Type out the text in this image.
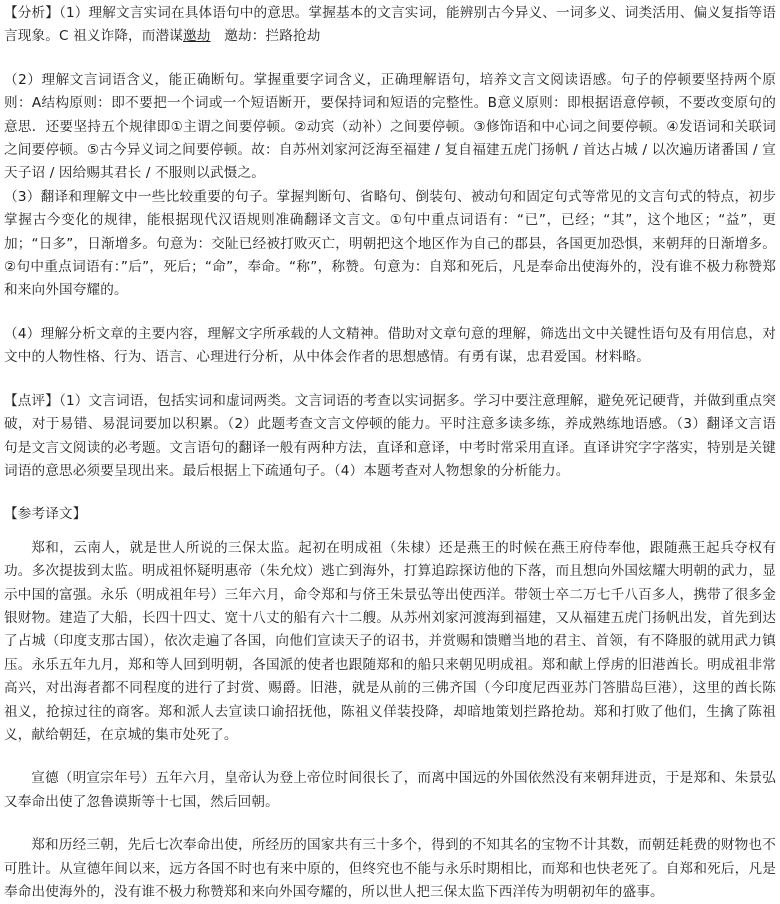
【分析】（1）理解文言实词在具体语句中的意思。掌握基本的文言实词，能辨别古今异义、一词多义、词类活用、偏义复指等语言现象。C 祖义诈降，而潜谋邀劫　邀劫：拦路抢劫

（2）理解文言词语含义，能正确断句。掌握重要字词含义，正确理解语句，培养文言文阅读语感。句子的停顿要坚持两个原则：A结构原则：即不要把一个词或一个短语断开，要保持词和短语的完整性。B意义原则：即根据语意停顿，不要改变原句的意思．还要坚持五个规律即①主谓之间要停顿。②动宾（动补）之间要停顿。③修饰语和中心词之间要停顿。④发语词和关联词之间要停顿。⑤古今异义词之间要停顿。故：自苏州刘家河泛海至福建 / 复自福建五虎门扬帆 / 首达占城 / 以次遍历诸番国 / 宣天子诏 / 因给赐其君长 / 不服则以武慑之。

（3）翻译和理解文中一些比较重要的句子。掌握判断句、省略句、倒装句、被动句和固定句式等常见的文言句式的特点，初步掌握古今变化的规律，能根据现代汉语规则准确翻译文言文。①句中重点词语有：“已”，已经；“其”，这个地区；“益”，更加；“日多”，日渐增多。句意为：交阯已经被打败灭亡，明朝把这个地区作为自己的郡县，各国更加恐惧，来朝拜的日渐增多。②句中重点词语有：”后”，死后；“命”，奉命。“称”，称赞。句意为：自郑和死后，凡是奉命出使海外的，没有谁不极力称赞郑和来向外国夸耀的。

（4）理解分析文章的主要内容，理解文字所承载的人文精神。借助对文章句意的理解，筛选出文中关键性语句及有用信息，对文中的人物性格、行为、语言、心理进行分析，从中体会作者的思想感情。有勇有谋，忠君爱国。材料略。

【点评】（1）文言词语，包括实词和虚词两类。文言词语的考查以实词据多。学习中要注意理解，避免死记硬背，并做到重点突破，对于易错、易混词要加以积累。（2）此题考查文言文停顿的能力。平时注意多读多练，养成熟练地语感。（3）翻译文言语句是文言文阅读的必考题。文言语句的翻译一般有两种方法，直译和意译，中考时常采用直译。直译讲究字字落实，特别是关键词语的意思必须要呈现出来。最后根据上下疏通句子。（4）本题考查对人物想象的分析能力。

【参考译文】

郑和，云南人，就是世人所说的三保太监。起初在明成祖（朱棣）还是燕王的时候在燕王府侍奉他，跟随燕王起兵夺权有功。多次提拔到太监。明成祖怀疑明惠帝（朱允炆）逃亡到海外，打算追踪探访他的下落，而且想向外国炫耀大明朝的武力，显示中国的富强。永乐（明成祖年号）三年六月，命令郑和与侪王朱景弘等出使西洋。带领士卒二万七千八百多人，携带了很多金银财物。建造了大船，长四十四丈、宽十八丈的船有六十二艘。从苏州刘家河渡海到福建，又从福建五虎门扬帆出发，首先到达了占城（印度支那古国），依次走遍了各国，向他们宣读天子的诏书，并赏赐和馈赠当地的君主、首领，有不降服的就用武力镇压。永乐五年九月，郑和等人回到明朝，各国派的使者也跟随郑和的船只来朝见明成祖。郑和献上俘虏的旧港酋长。明成祖非常高兴，对出海者都不同程度的进行了封赏、赐爵。旧港，就是从前的三佛齐国（今印度尼西亚苏门答腊岛巨港），这里的酋长陈祖义，抢掠过往的商客。郑和派人去宣读口谕招抚他，陈祖义佯装投降，却暗地策划拦路抢劫。郑和打败了他们，生擒了陈祖义，献给朝廷，在京城的集市处死了。

宣德（明宣宗年号）五年六月，皇帝认为登上帝位时间很长了，而离中国远的外国依然没有来朝拜进贡，于是郑和、朱景弘又奉命出使了忽鲁谟斯等十七国，然后回朝。

郑和历经三朝，先后七次奉命出使，所经历的国家共有三十多个，得到的不知其名的宝物不计其数，而朝廷耗费的财物也不可胜计。从宣德年间以来，远方各国不时也有来中原的，但终究也不能与永乐时期相比，而郑和也快老死了。自郑和死后，凡是奉命出使海外的，没有谁不极力称赞郑和来向外国夸耀的，所以世人把三保太监下西洋传为明朝初年的盛事。
